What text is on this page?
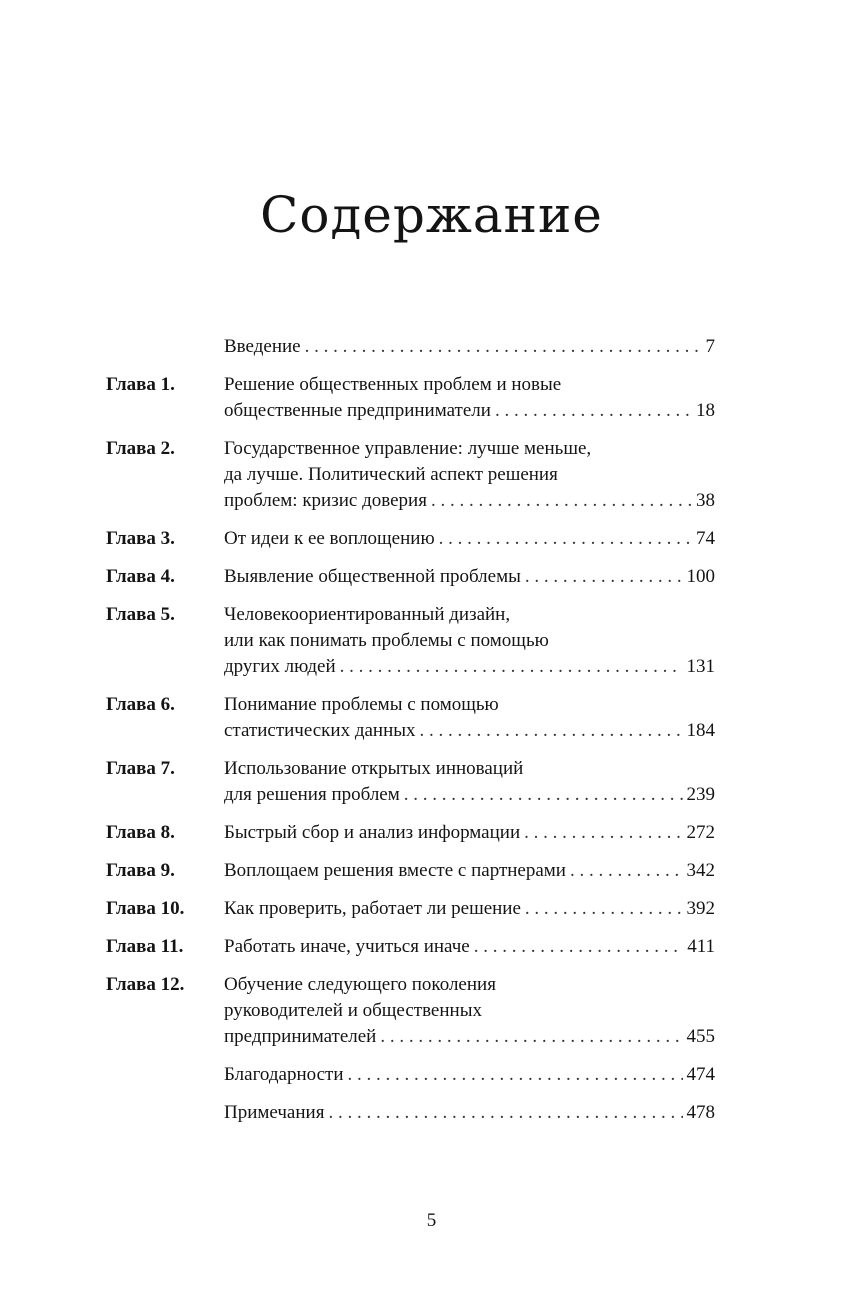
Содержание
Введение . . .	7
Глава 1.	Решение общественных проблем и новые
общественные предприниматели . . .	18
Глава 2.	Государственное управление: лучше меньше,
да лучше. Политический аспект решения
проблем: кризис доверия . . .	38
Глава 3.	От идеи к ее воплощению . . .	74
Глава 4.	Выявление общественной проблемы . . .	100
Глава 5.	Человекоориентированный дизайн,
или как понимать проблемы с помощью
других людей . . .	131
Глава 6.	Понимание проблемы с помощью
статистических данных . . .	184
Глава 7.	Использование открытых инноваций
для решения проблем . . .	239
Глава 8.	Быстрый сбор и анализ информации . . .	272
Глава 9.	Воплощаем решения вместе с партнерами . . .	342
Глава 10. Как проверить, работает ли решение . . .	392
Глава 11. Работать иначе, учиться иначе . . .	411
Глава 12. Обучение следующего поколения
руководителей и общественных
предпринимателей . . .	455
Благодарности . . .	474
Примечания . . .	478
5
